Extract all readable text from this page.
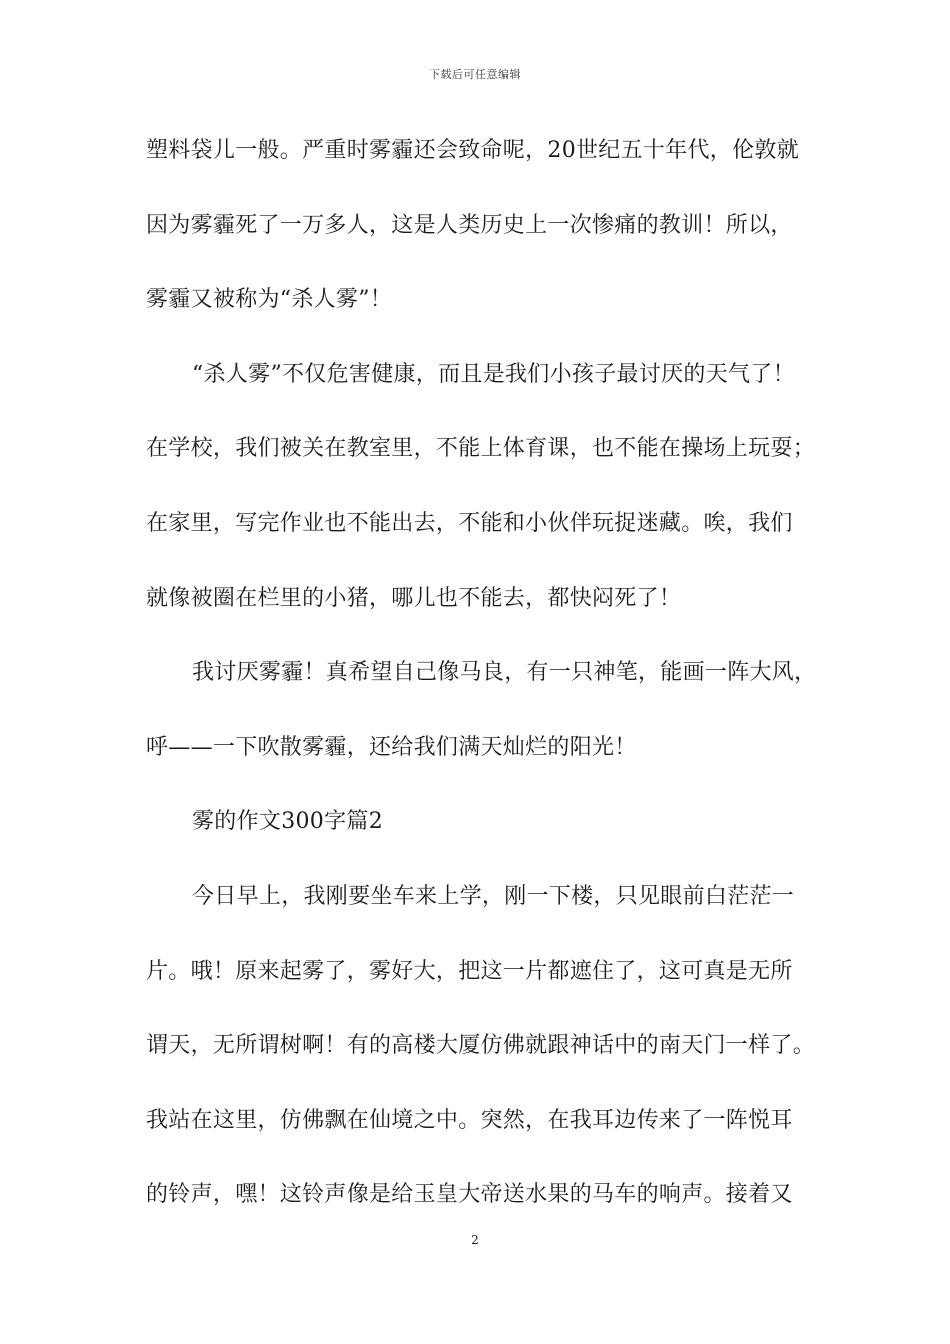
下载后可任意编辑
塑料袋儿一般。严重时雾霾还会致命呢，20世纪五十年代，伦敦就
因为雾霾死了一万多人，这是人类历史上一次惨痛的教训！所以，
雾霾又被称为“杀人雾”！
“杀人雾”不仅危害健康，而且是我们小孩子最讨厌的天气了！
在学校，我们被关在教室里，不能上体育课，也不能在操场上玩耍；
在家里，写完作业也不能出去，不能和小伙伴玩捉迷藏。唉，我们
就像被圈在栏里的小猪，哪儿也不能去，都快闷死了！
我讨厌雾霾！真希望自己像马良，有一只神笔，能画一阵大风，
呼——一下吹散雾霾，还给我们满天灿烂的阳光！
雾的作文300字篇2
今日早上，我刚要坐车来上学，刚一下楼，只见眼前白茫茫一
片。哦！原来起雾了，雾好大，把这一片都遮住了，这可真是无所
谓天，无所谓树啊！有的高楼大厦仿佛就跟神话中的南天门一样了。
我站在这里，仿佛飘在仙境之中。突然，在我耳边传来了一阵悦耳
的铃声，嘿！这铃声像是给玉皇大帝送水果的马车的响声。接着又
2
